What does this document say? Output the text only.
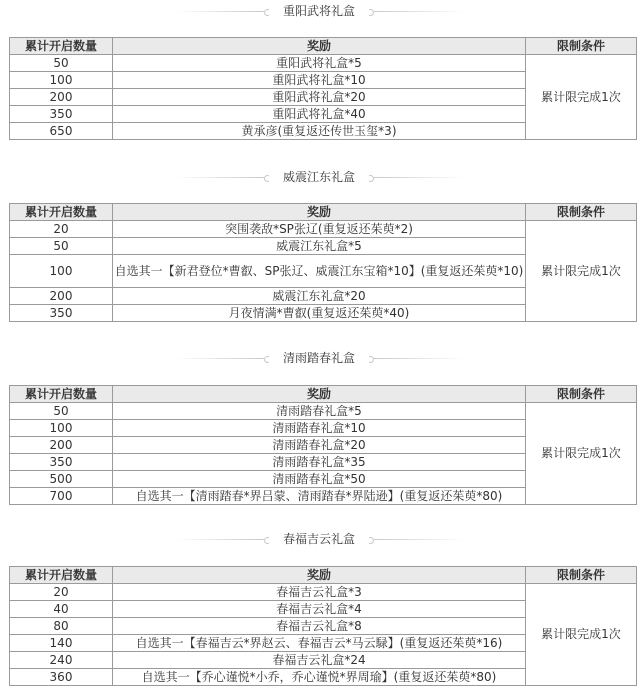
重阳武将礼盒
累计开启数量	奖励	限制条件
50	重阳武将礼盒*5	累计限完成1次
100	重阳武将礼盒*10	
200	重阳武将礼盒*20	
350	重阳武将礼盒*40	
650	黄承彦(重复返还传世玉玺*3)	
威震江东礼盒
累计开启数量	奖励	限制条件
20	突围袭敌*SP张辽(重复返还茱萸*2)	累计限完成1次
50	威震江东礼盒*5	
100	自选其一【新君登位*曹叡、SP张辽、威震江东宝箱*10】(重复返还茱萸*10)	
200	威震江东礼盒*20	
350	月夜情满*曹叡(重复返还茱萸*40)	
清雨踏春礼盒
累计开启数量	奖励	限制条件
50	清雨踏春礼盒*5	累计限完成1次
100	清雨踏春礼盒*10	
200	清雨踏春礼盒*20	
350	清雨踏春礼盒*35	
500	清雨踏春礼盒*50	
700	自选其一【清雨踏春*界吕蒙、清雨踏春*界陆逊】(重复返还茱萸*80)	
春福吉云礼盒
累计开启数量	奖励	限制条件
20	春福吉云礼盒*3	累计限完成1次
40	春福吉云礼盒*4	
80	春福吉云礼盒*8	
140	自选其一【春福吉云*界赵云、春福吉云*马云騄】(重复返还茱萸*16)	
240	春福吉云礼盒*24	
360	自选其一【乔心谨悦*小乔，乔心谨悦*界周瑜】(重复返还茱萸*80)	
